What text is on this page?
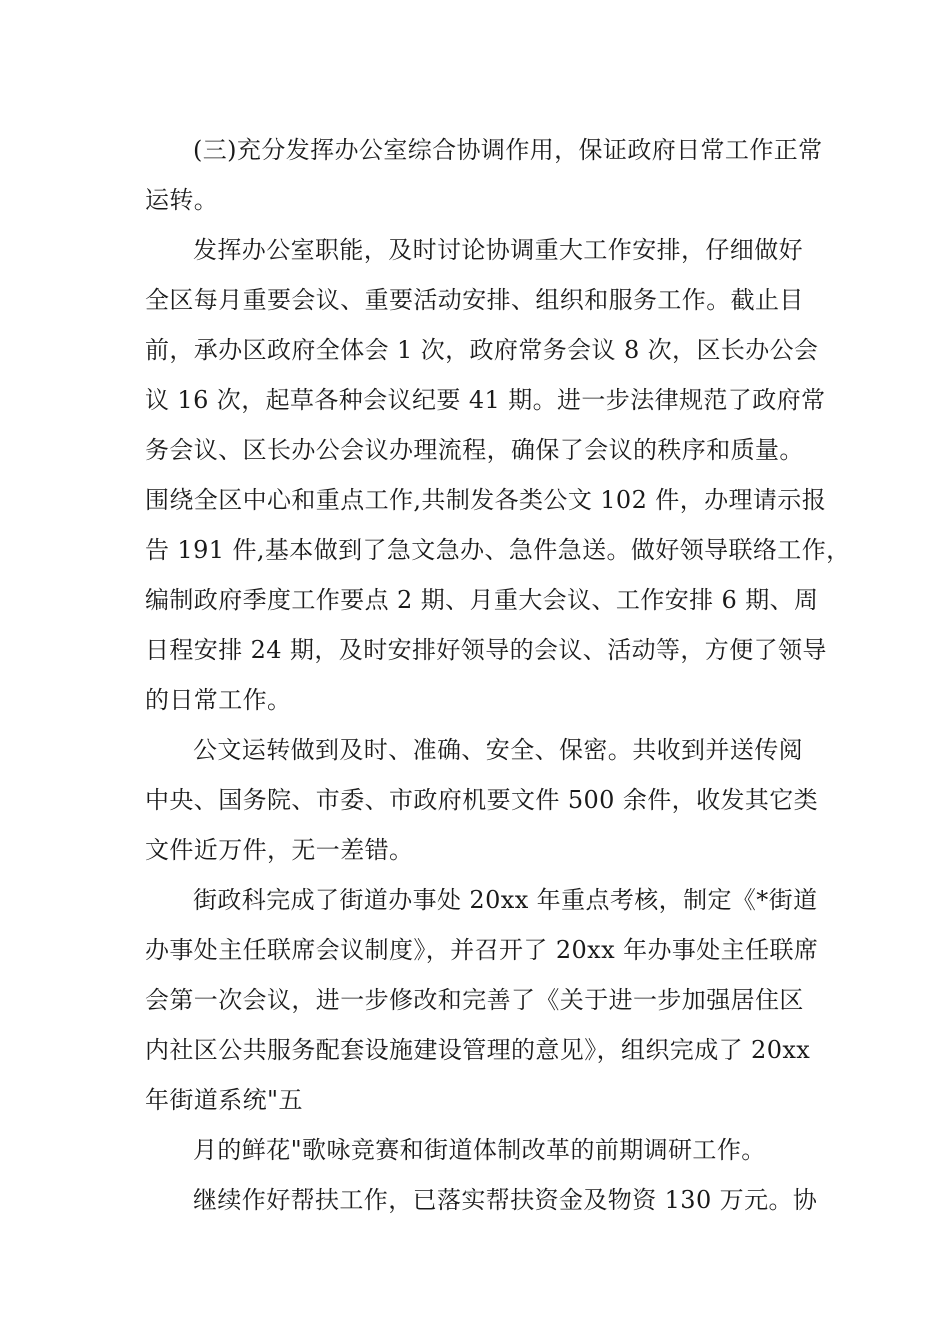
(三)充分发挥办公室综合协调作用，保证政府日常工作正常

运转。

发挥办公室职能，及时讨论协调重大工作安排，仔细做好

全区每月重要会议、重要活动安排、组织和服务工作。截止目

前，承办区政府全体会 1 次，政府常务会议 8 次，区长办公会

议 16 次，起草各种会议纪要 41 期。进一步法律规范了政府常

务会议、区长办公会议办理流程，确保了会议的秩序和质量。

围绕全区中心和重点工作,共制发各类公文 102 件，办理请示报

告 191 件,基本做到了急文急办、急件急送。做好领导联络工作，

编制政府季度工作要点 2 期、月重大会议、工作安排 6 期、周

日程安排 24 期，及时安排好领导的会议、活动等，方便了领导

的日常工作。

公文运转做到及时、准确、安全、保密。共收到并送传阅

中央、国务院、市委、市政府机要文件 500 余件，收发其它类

文件近万件，无一差错。

街政科完成了街道办事处 20xx 年重点考核，制定《*街道

办事处主任联席会议制度》，并召开了 20xx 年办事处主任联席

会第一次会议，进一步修改和完善了《关于进一步加强居住区

内社区公共服务配套设施建设管理的意见》，组织完成了 20xx

年街道系统"五

月的鲜花"歌咏竞赛和街道体制改革的前期调研工作。

继续作好帮扶工作，已落实帮扶资金及物资 130 万元。协
